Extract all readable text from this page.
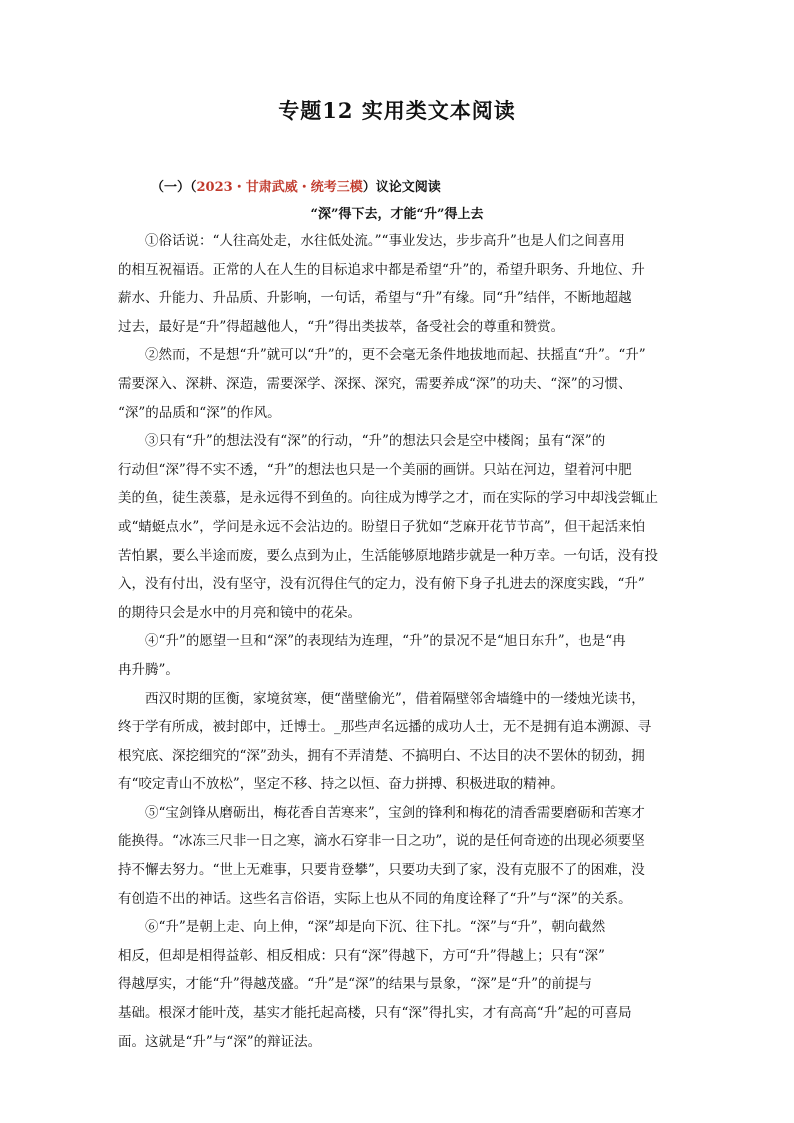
专题12 实用类文本阅读
（一）（2023・甘肃武威・统考三模）议论文阅读
“深”得下去，才能“升”得上去
　　①俗话说：“人往高处走，水往低处流。”“事业发达，步步高升”也是人们之间喜用
的相互祝福语。正常的人在人生的目标追求中都是希望“升”的，希望升职务、升地位、升
薪水、升能力、升品质、升影响，一句话，希望与“升”有缘。同“升”结伴，不断地超越
过去，最好是“升”得超越他人，“升”得出类拔萃，备受社会的尊重和赞赏。
　　②然而，不是想“升”就可以“升”的，更不会毫无条件地拔地而起、扶摇直“升”。“升”
需要深入、深耕、深造，需要深学、深探、深究，需要养成“深”的功夫、“深”的习惯、
“深”的品质和“深”的作风。
　　③只有“升”的想法没有“深”的行动，“升”的想法只会是空中楼阁；虽有“深”的
行动但“深”得不实不透，“升”的想法也只是一个美丽的画饼。只站在河边，望着河中肥
美的鱼，徒生羡慕，是永远得不到鱼的。向往成为博学之才，而在实际的学习中却浅尝辄止
或“蜻蜓点水”，学问是永远不会沾边的。盼望日子犹如“芝麻开花节节高”，但干起活来怕
苦怕累，要么半途而废，要么点到为止，生活能够原地踏步就是一种万幸。一句话，没有投
入，没有付出，没有坚守，没有沉得住气的定力，没有俯下身子扎进去的深度实践，“升”
的期待只会是水中的月亮和镜中的花朵。
　　④“升”的愿望一旦和“深”的表现结为连理，“升”的景况不是“旭日东升”，也是“冉
冉升腾”。
　　西汉时期的匡衡，家境贫寒，便“凿壁偷光”，借着隔壁邻舍墙缝中的一缕烛光读书，
终于学有所成，被封郎中，迁博士。_那些声名远播的成功人士，无不是拥有追本溯源、寻
根究底、深挖细究的“深”劲头，拥有不弄清楚、不搞明白、不达目的决不罢休的韧劲，拥
有“咬定青山不放松”，坚定不移、持之以恒、奋力拼搏、积极进取的精神。
　　⑤“宝剑锋从磨砺出，梅花香自苦寒来”，宝剑的锋利和梅花的清香需要磨砺和苦寒才
能换得。“冰冻三尺非一日之寒，滴水石穿非一日之功”，说的是任何奇迹的出现必须要坚
持不懈去努力。“世上无难事，只要肯登攀”，只要功夫到了家，没有克服不了的困难，没
有创造不出的神话。这些名言俗语，实际上也从不同的角度诠释了“升”与“深”的关系。
　　⑥“升”是朝上走、向上伸，“深”却是向下沉、往下扎。“深”与“升”，朝向截然
相反，但却是相得益彰、相反相成：只有“深”得越下，方可“升”得越上；只有“深”
得越厚实，才能“升”得越茂盛。“升”是“深”的结果与景象，“深”是“升”的前提与
基础。根深才能叶茂，基实才能托起高楼，只有“深”得扎实，才有高高“升”起的可喜局
面。这就是“升”与“深”的辩证法。
